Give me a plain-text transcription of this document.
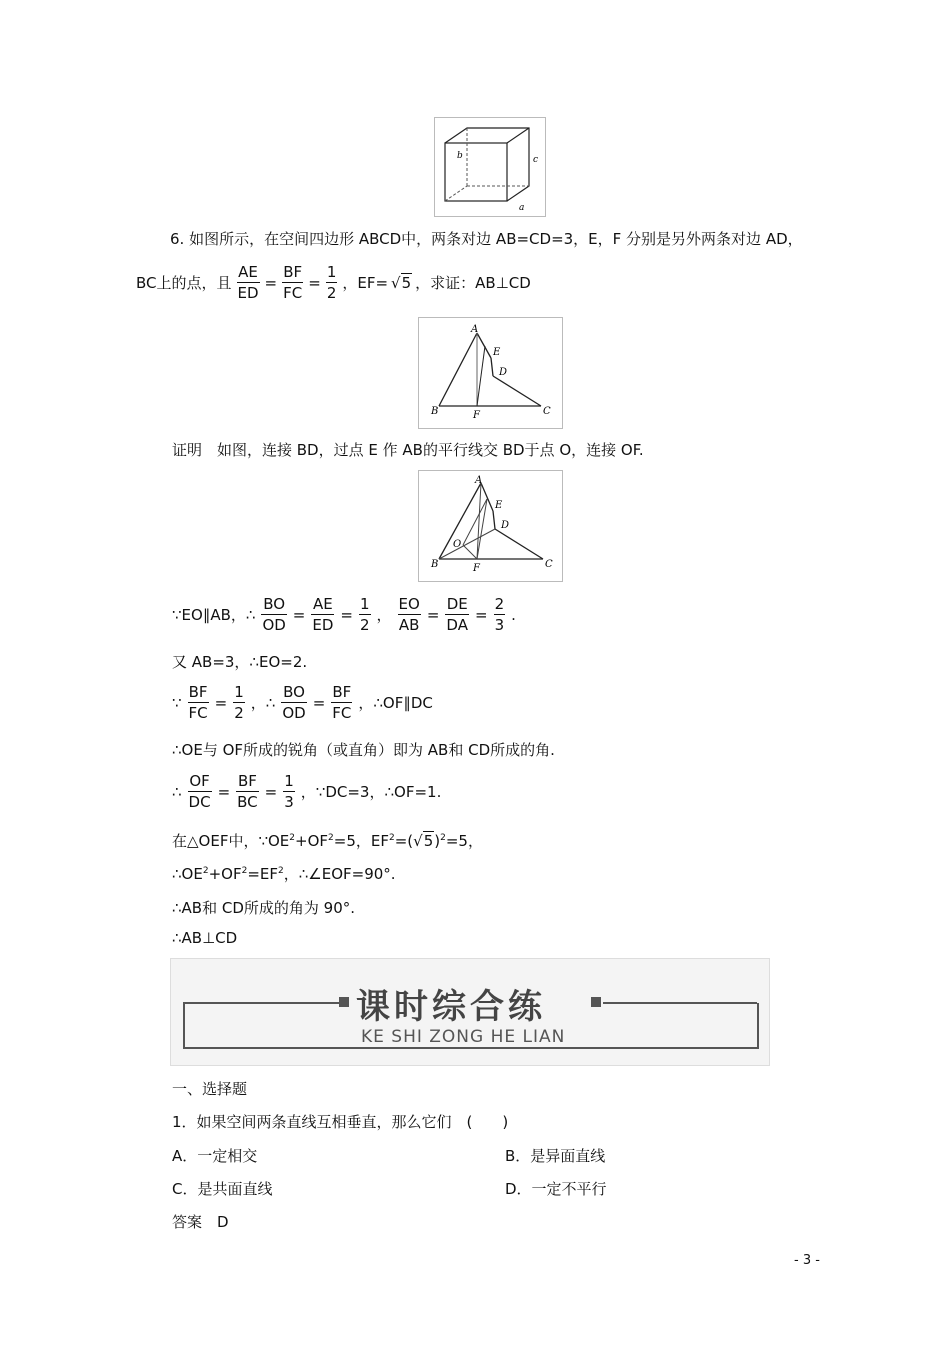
b	c
a
6. 如图所示，在空间四边形 ABCD中，两条对边 AB=CD=3，E，F 分别是另外两条对边 AD，
BC上的点，且 $\frac{AE}{ED} = \frac{BF}{FC} = \frac{1}{2}$ ，EF= √5 ，求证：AB⊥CD
A
E
D
B	F	C
证明　如图，连接 BD，过点 E 作 AB的平行线交 BD于点 O，连接 OF.
A
E
D
O
B	F	C
∵EO∥AB，∴ $\frac{BO}{OD} = \frac{AE}{ED} = \frac{1}{2}$ ， $\frac{EO}{AB} = \frac{DE}{DA} = \frac{2}{3}$ .
又 AB=3，∴EO=2.
∵ $\frac{BF}{FC} = \frac{1}{2}$ ，∴ $\frac{BO}{OD} = \frac{BF}{FC}$ ，∴OF∥DC
∴OE与 OF所成的锐角（或直角）即为 AB和 CD所成的角.
∴ $\frac{OF}{DC} = \frac{BF}{BC} = \frac{1}{3}$ ，∵DC=3，∴OF=1.
在△OEF中，$\because OE^2+OF^2=5$，$EF^2=(√5)^2=5$，
$\therefore OE^2+OF^2=EF^2$，∴∠EOF=90°.
∴AB和 CD所成的角为 90°.
∴AB⊥CD
课时综合练
KE SHI ZONG HE LIAN
一、选择题
1．如果空间两条直线互相垂直，那么它们　(　　)
A．一定相交	B．是异面直线
C．是共面直线	D．一定不平行
答案　D
- 3 -
